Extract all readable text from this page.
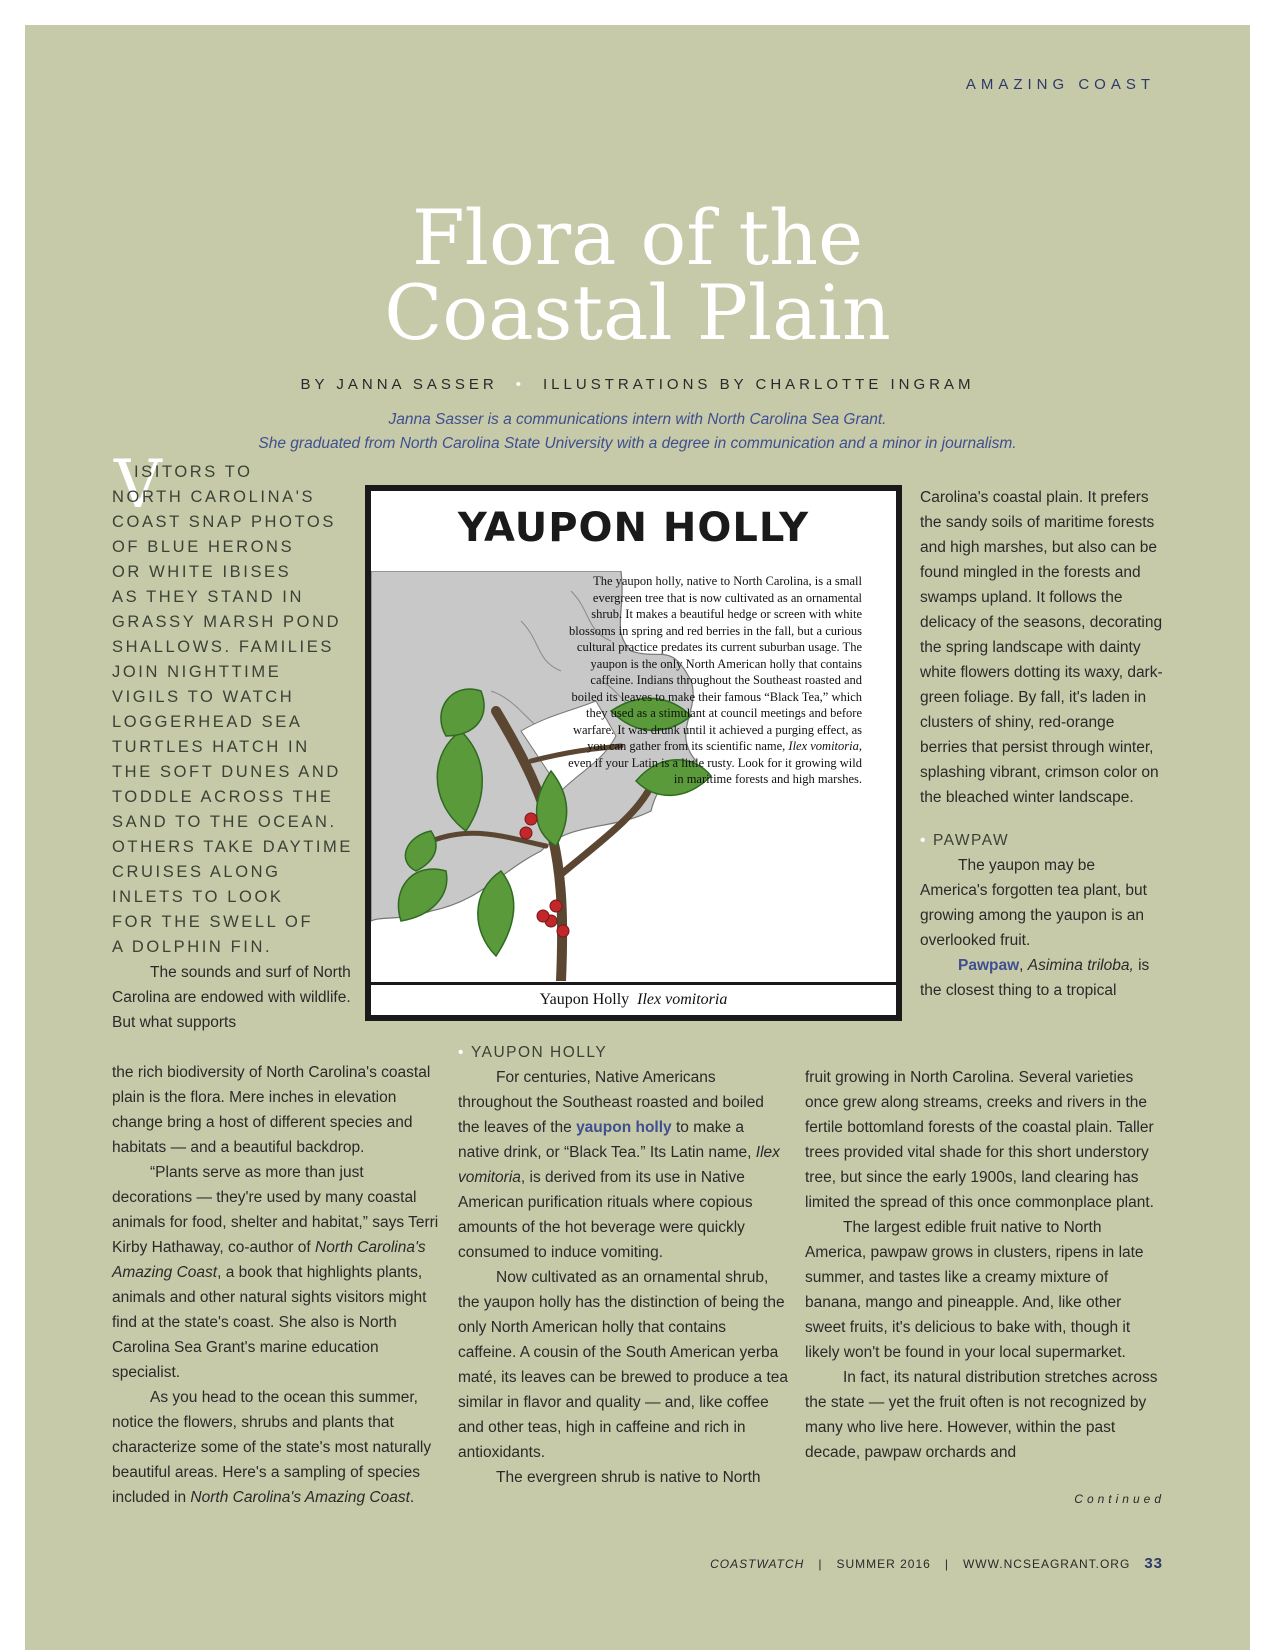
AMAZING COAST
Flora of the
Coastal Plain
BY JANNA SASSER • ILLUSTRATIONS BY CHARLOTTE INGRAM
Janna Sasser is a communications intern with North Carolina Sea Grant.
She graduated from North Carolina State University with a degree in communication and a minor in journalism.
V
ISITORS TO
NORTH CAROLINA'S
COAST SNAP PHOTOS
OF BLUE HERONS
OR WHITE IBISES
AS THEY STAND IN
GRASSY MARSH POND
SHALLOWS. FAMILIES
JOIN NIGHTTIME
VIGILS TO WATCH
LOGGERHEAD SEA
TURTLES HATCH IN
THE SOFT DUNES AND
TODDLE ACROSS THE
SAND TO THE OCEAN.
OTHERS TAKE DAYTIME
CRUISES ALONG
INLETS TO LOOK
FOR THE SWELL OF
A DOLPHIN FIN.

The sounds and surf of North Carolina are endowed with wildlife. But what supports

the rich biodiversity of North Carolina's coastal plain is the flora. Mere inches in elevation change bring a host of different species and habitats — and a beautiful backdrop.

“Plants serve as more than just decorations — they're used by many coastal animals for food, shelter and habitat,” says Terri Kirby Hathaway, co-author of North Carolina's Amazing Coast, a book that highlights plants, animals and other natural sights visitors might find at the state's coast. She also is North Carolina Sea Grant's marine education specialist.

As you head to the ocean this summer, notice the flowers, shrubs and plants that characterize some of the state's most naturally beautiful areas. Here's a sampling of species included in North Carolina's Amazing Coast.

YAUPON HOLLY
The yaupon holly, native to North Carolina, is a small evergreen tree that is now cultivated as an ornamental shrub. It makes a beautiful hedge or screen with white blossoms in spring and red berries in the fall, but a curious cultural practice predates its current suburban usage. The yaupon is the only North American holly that contains caffeine. Indians throughout the Southeast roasted and boiled its leaves to make their famous “Black Tea,” which they used as a stimulant at council meetings and before warfare. It was drunk until it achieved a purging effect, as you can gather from its scientific name, Ilex vomitoria, even if your Latin is a little rusty. Look for it growing wild in maritime forests and high marshes.
Yaupon Holly Ilex vomitoria
• YAUPON HOLLY

For centuries, Native Americans throughout the Southeast roasted and boiled the leaves of the yaupon holly to make a native drink, or “Black Tea.” Its Latin name, Ilex vomitoria, is derived from its use in Native American purification rituals where copious amounts of the hot beverage were quickly consumed to induce vomiting.

Now cultivated as an ornamental shrub, the yaupon holly has the distinction of being the only North American holly that contains caffeine. A cousin of the South American yerba maté, its leaves can be brewed to produce a tea similar in flavor and quality — and, like coffee and other teas, high in caffeine and rich in antioxidants.

The evergreen shrub is native to North

Carolina's coastal plain. It prefers the sandy soils of maritime forests and high marshes, but also can be found mingled in the forests and swamps upland. It follows the delicacy of the seasons, decorating the spring landscape with dainty white flowers dotting its waxy, dark-green foliage. By fall, it's laden in clusters of shiny, red-orange berries that persist through winter, splashing vibrant, crimson color on the bleached winter landscape.

• PAWPAW

The yaupon may be America's forgotten tea plant, but growing among the yaupon is an overlooked fruit.

Pawpaw, Asimina triloba, is

the closest thing to a tropical

fruit growing in North Carolina. Several varieties once grew along streams, creeks and rivers in the fertile bottomland forests of the coastal plain. Taller trees provided vital shade for this short understory tree, but since the early 1900s, land clearing has limited the spread of this once commonplace plant.

The largest edible fruit native to North America, pawpaw grows in clusters, ripens in late summer, and tastes like a creamy mixture of banana, mango and pineapple. And, like other sweet fruits, it's delicious to bake with, though it likely won't be found in your local supermarket.

In fact, its natural distribution stretches across the state — yet the fruit often is not recognized by many who live here. However, within the past decade, pawpaw orchards and

Continued
COASTWATCH | SUMMER 2016 | WWW.NCSEAGRANT.ORG 33
